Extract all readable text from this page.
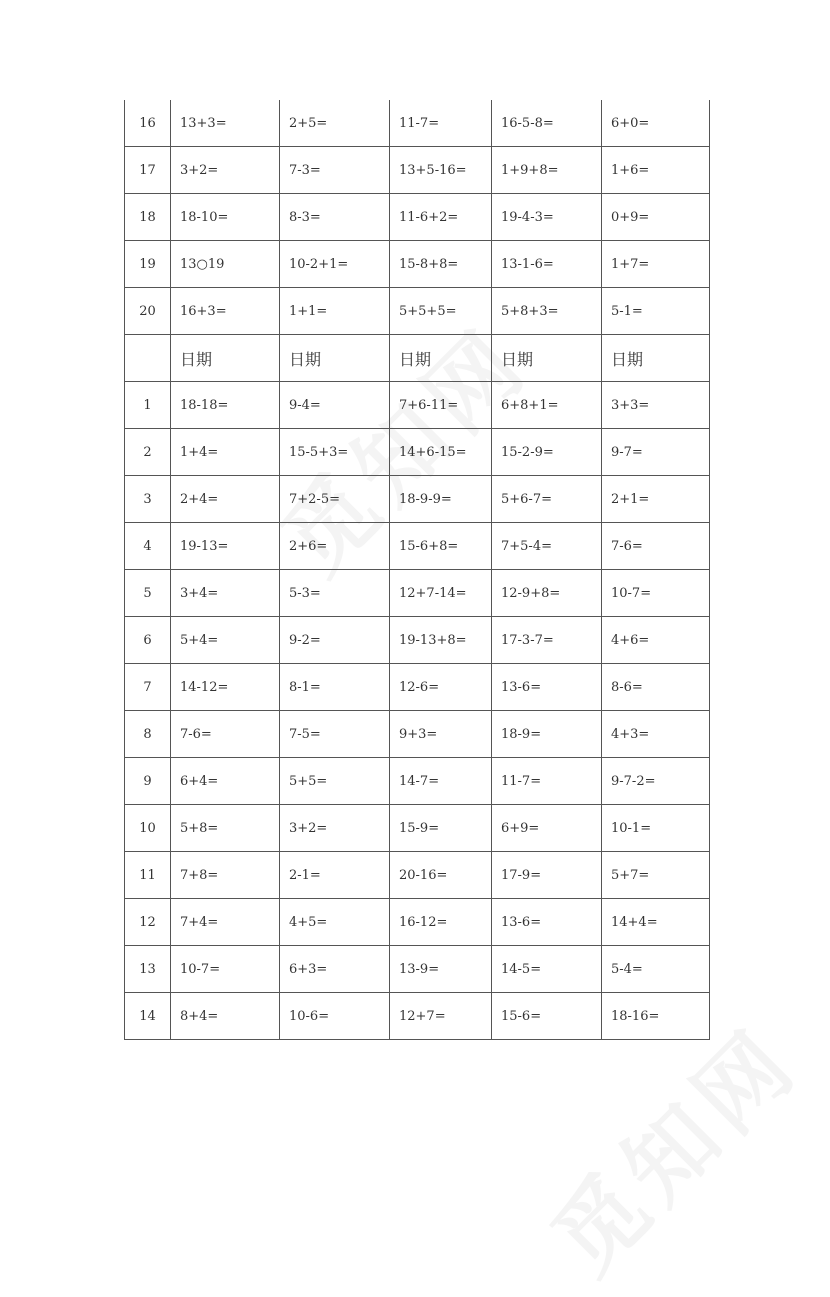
16	13+3=	2+5=	11-7=	16-5-8=	6+0=
17	3+2=	7-3=	13+5-16=	1+9+8=	1+6=
18	18-10=	8-3=	11-6+2=	19-4-3=	0+9=
19	13○19	10-2+1=	15-8+8=	13-1-6=	1+7=
20	16+3=	1+1=	5+5+5=	5+8+3=	5-1=
	日期	日期	日期	日期	日期
1	18-18=	9-4=	7+6-11=	6+8+1=	3+3=
2	1+4=	15-5+3=	14+6-15=	15-2-9=	9-7=
3	2+4=	7+2-5=	18-9-9=	5+6-7=	2+1=
4	19-13=	2+6=	15-6+8=	7+5-4=	7-6=
5	3+4=	5-3=	12+7-14=	12-9+8=	10-7=
6	5+4=	9-2=	19-13+8=	17-3-7=	4+6=
7	14-12=	8-1=	12-6=	13-6=	8-6=
8	7-6=	7-5=	9+3=	18-9=	4+3=
9	6+4=	5+5=	14-7=	11-7=	9-7-2=
10	5+8=	3+2=	15-9=	6+9=	10-1=
11	7+8=	2-1=	20-16=	17-9=	5+7=
12	7+4=	4+5=	16-12=	13-6=	14+4=
13	10-7=	6+3=	13-9=	14-5=	5-4=
14	8+4=	10-6=	12+7=	15-6=	18-16=
